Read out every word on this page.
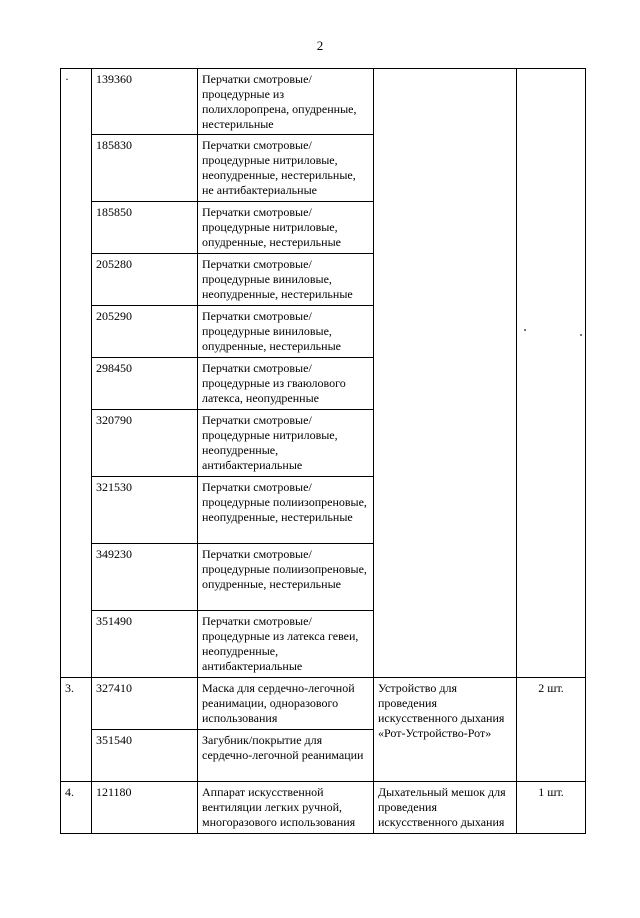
2
·	139360	Перчатки смотровые/ процедурные из полихлоропрена, опудренные, нестерильные		
	185830	Перчатки смотровые/ процедурные нитриловые, неопудренные, нестерильные, не антибактериальные		
	185850	Перчатки смотровые/ процедурные нитриловые, опудренные, нестерильные		
	205280	Перчатки смотровые/ процедурные виниловые, неопудренные, нестерильные		
	205290	Перчатки смотровые/ процедурные виниловые, опудренные, нестерильные		
	298450	Перчатки смотровые/ процедурные из гваюлового латекса, неопудренные		
	320790	Перчатки смотровые/ процедурные нитриловые, неопудренные, антибактериальные		
	321530	Перчатки смотровые/ процедурные полиизопреновые, неопудренные, нестерильные		
	349230	Перчатки смотровые/ процедурные полиизопреновые, опудренные, нестерильные		
	351490	Перчатки смотровые/ процедурные из латекса гевеи, неопудренные, антибактериальные		
3.	327410	Маска для сердечно-легочной реанимации, одноразового использования	Устройство для проведения искусственного дыхания «Рот-Устройство-Рот»	2 шт.
	351540	Загубник/покрытие для сердечно-легочной реанимации		
4.	121180	Аппарат искусственной вентиляции легких ручной, многоразового использования	Дыхательный мешок для проведения искусственного дыхания	1 шт.
